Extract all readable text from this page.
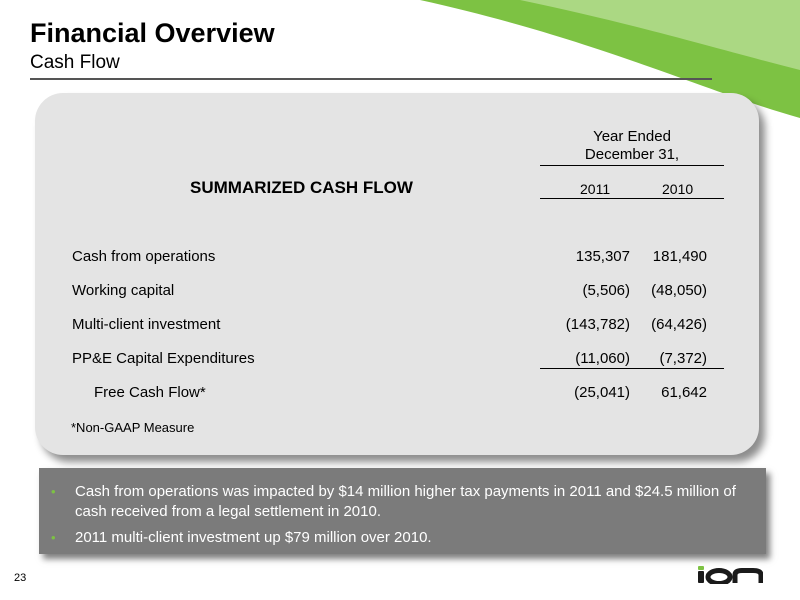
Financial Overview
Cash Flow
Year Ended
December 31,
SUMMARIZED CASH FLOW	2011	2010
Cash from operations	135,307 181,490
Working capital	(5,506) (48,050)
Multi-client investment	(143,782) (64,426)
PP&E Capital Expenditures	(11,060) (7,372)
Free Cash Flow*	(25,041) 61,642
*Non-GAAP Measure
• Cash from operations was impacted by $14 million higher tax payments in 2011 and $24.5 million of cash received from a legal settlement in 2010.
• 2011 multi-client investment up $79 million over 2010.
23
